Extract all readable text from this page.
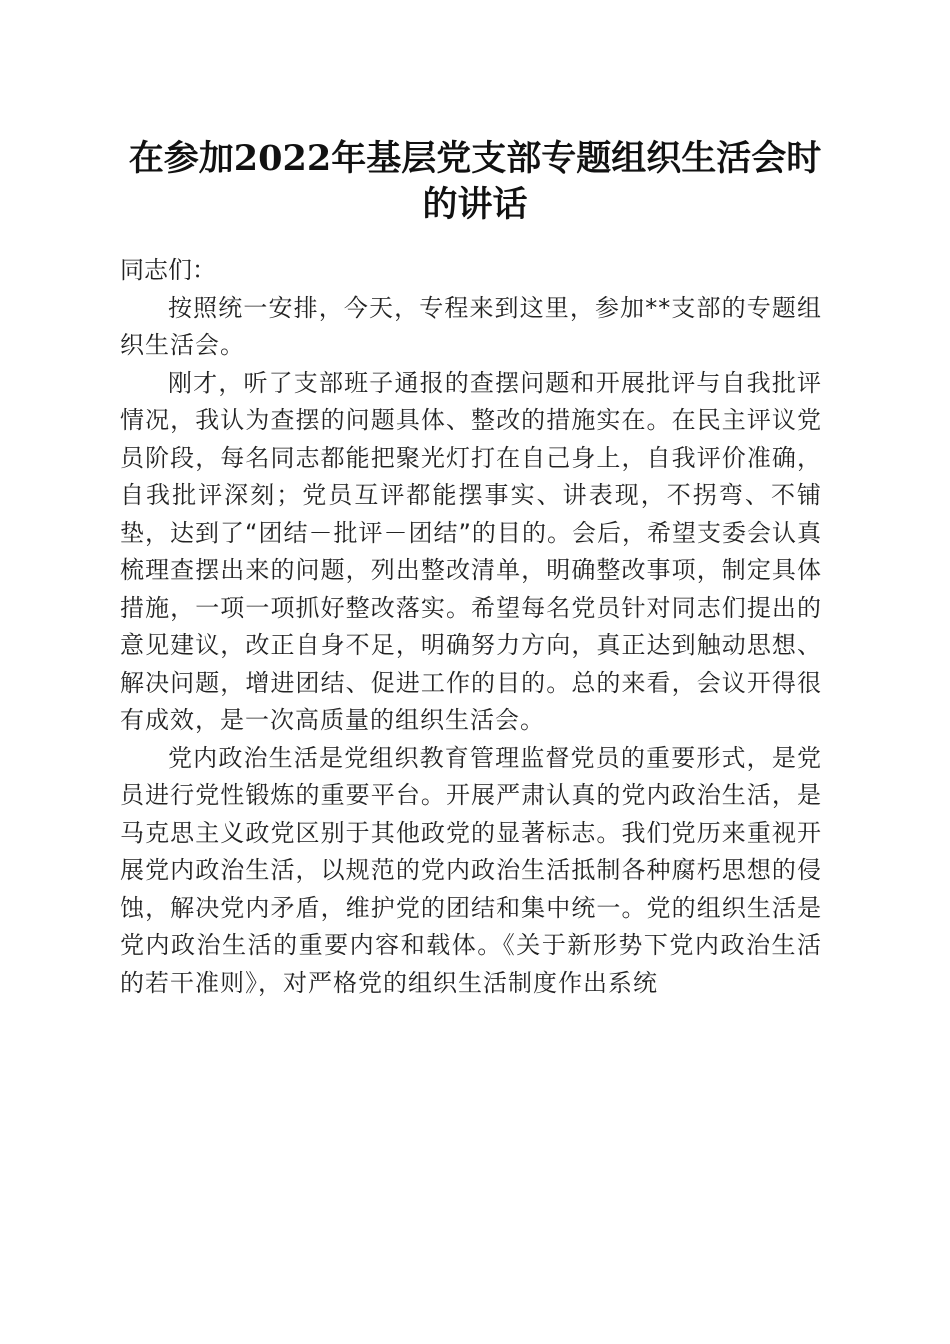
在参加2022年基层党支部专题组织生活会时
的讲话

同志们：

按照统一安排，今天，专程来到这里，参加**支部的专题组织生活会。

刚才，听了支部班子通报的查摆问题和开展批评与自我批评情况，我认为查摆的问题具体、整改的措施实在。在民主评议党员阶段，每名同志都能把聚光灯打在自己身上，自我评价准确，自我批评深刻；党员互评都能摆事实、讲表现，不拐弯、不铺垫，达到了“团结－批评－团结”的目的。会后，希望支委会认真梳理查摆出来的问题，列出整改清单，明确整改事项，制定具体措施，一项一项抓好整改落实。希望每名党员针对同志们提出的意见建议，改正自身不足，明确努力方向，真正达到触动思想、解决问题，增进团结、促进工作的目的。总的来看，会议开得很有成效，是一次高质量的组织生活会。

党内政治生活是党组织教育管理监督党员的重要形式，是党员进行党性锻炼的重要平台。开展严肃认真的党内政治生活，是马克思主义政党区别于其他政党的显著标志。我们党历来重视开展党内政治生活，以规范的党内政治生活抵制各种腐朽思想的侵蚀，解决党内矛盾，维护党的团结和集中统一。党的组织生活是党内政治生活的重要内容和载体。《关于新形势下党内政治生活的若干准则》，对严格党的组织生活制度作出系统
